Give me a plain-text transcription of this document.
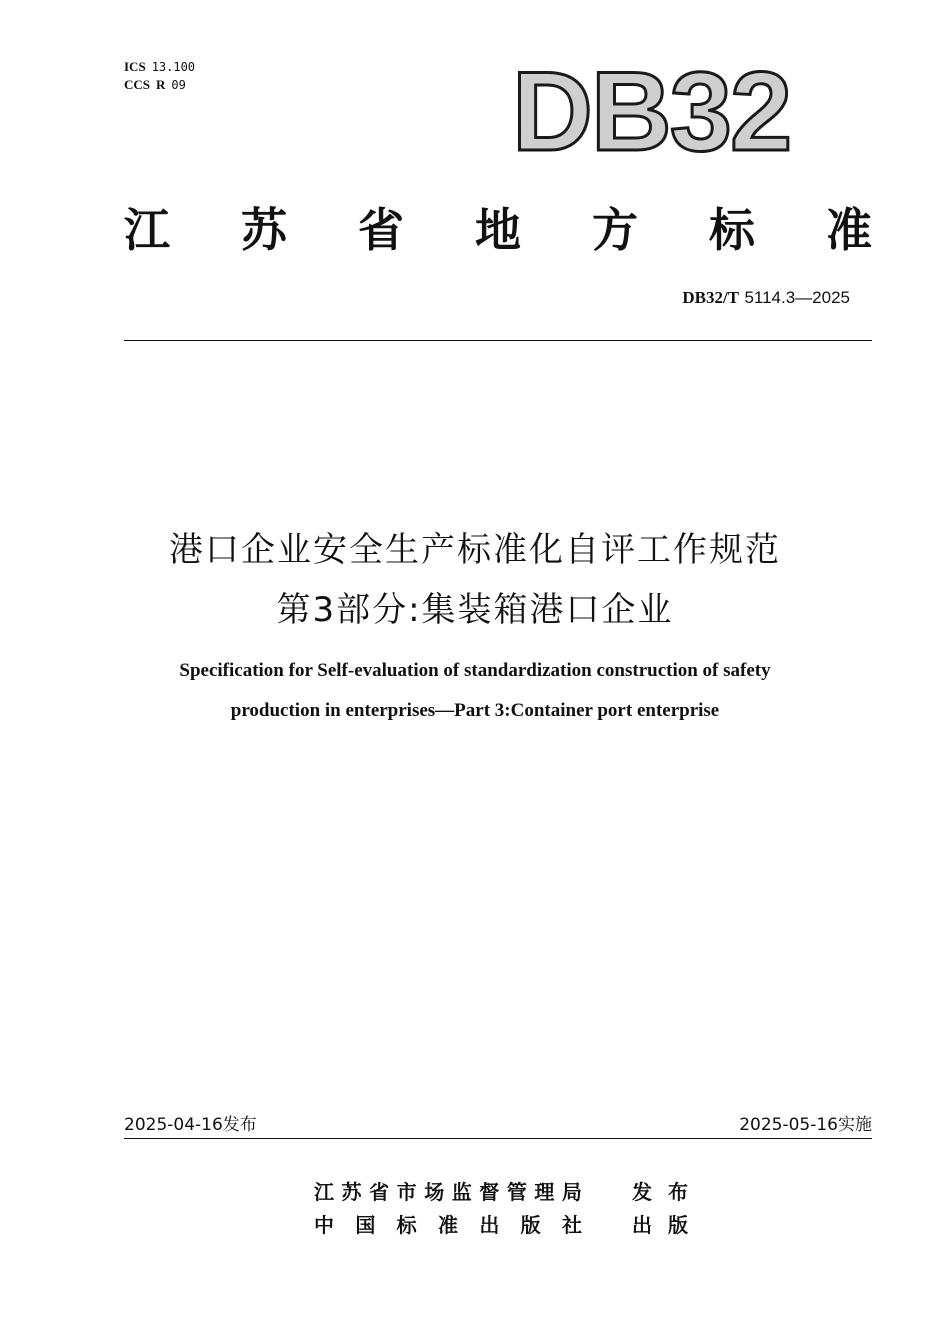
ICS 13.100
CCS R 09	DB32
江 苏 省 地 方 标 准
DB32/T 5114.3—2025
港口企业安全生产标准化自评工作规范
第3部分:集装箱港口企业
Specification for Self-evaluation of standardization construction of safety
production in enterprises—Part 3:Container port enterprise
2025-04-16发布	2025-05-16实施
江 苏 省 市 场 监 督 管 理 局	发 布
中 国 标 准 出 版 社	出 版
